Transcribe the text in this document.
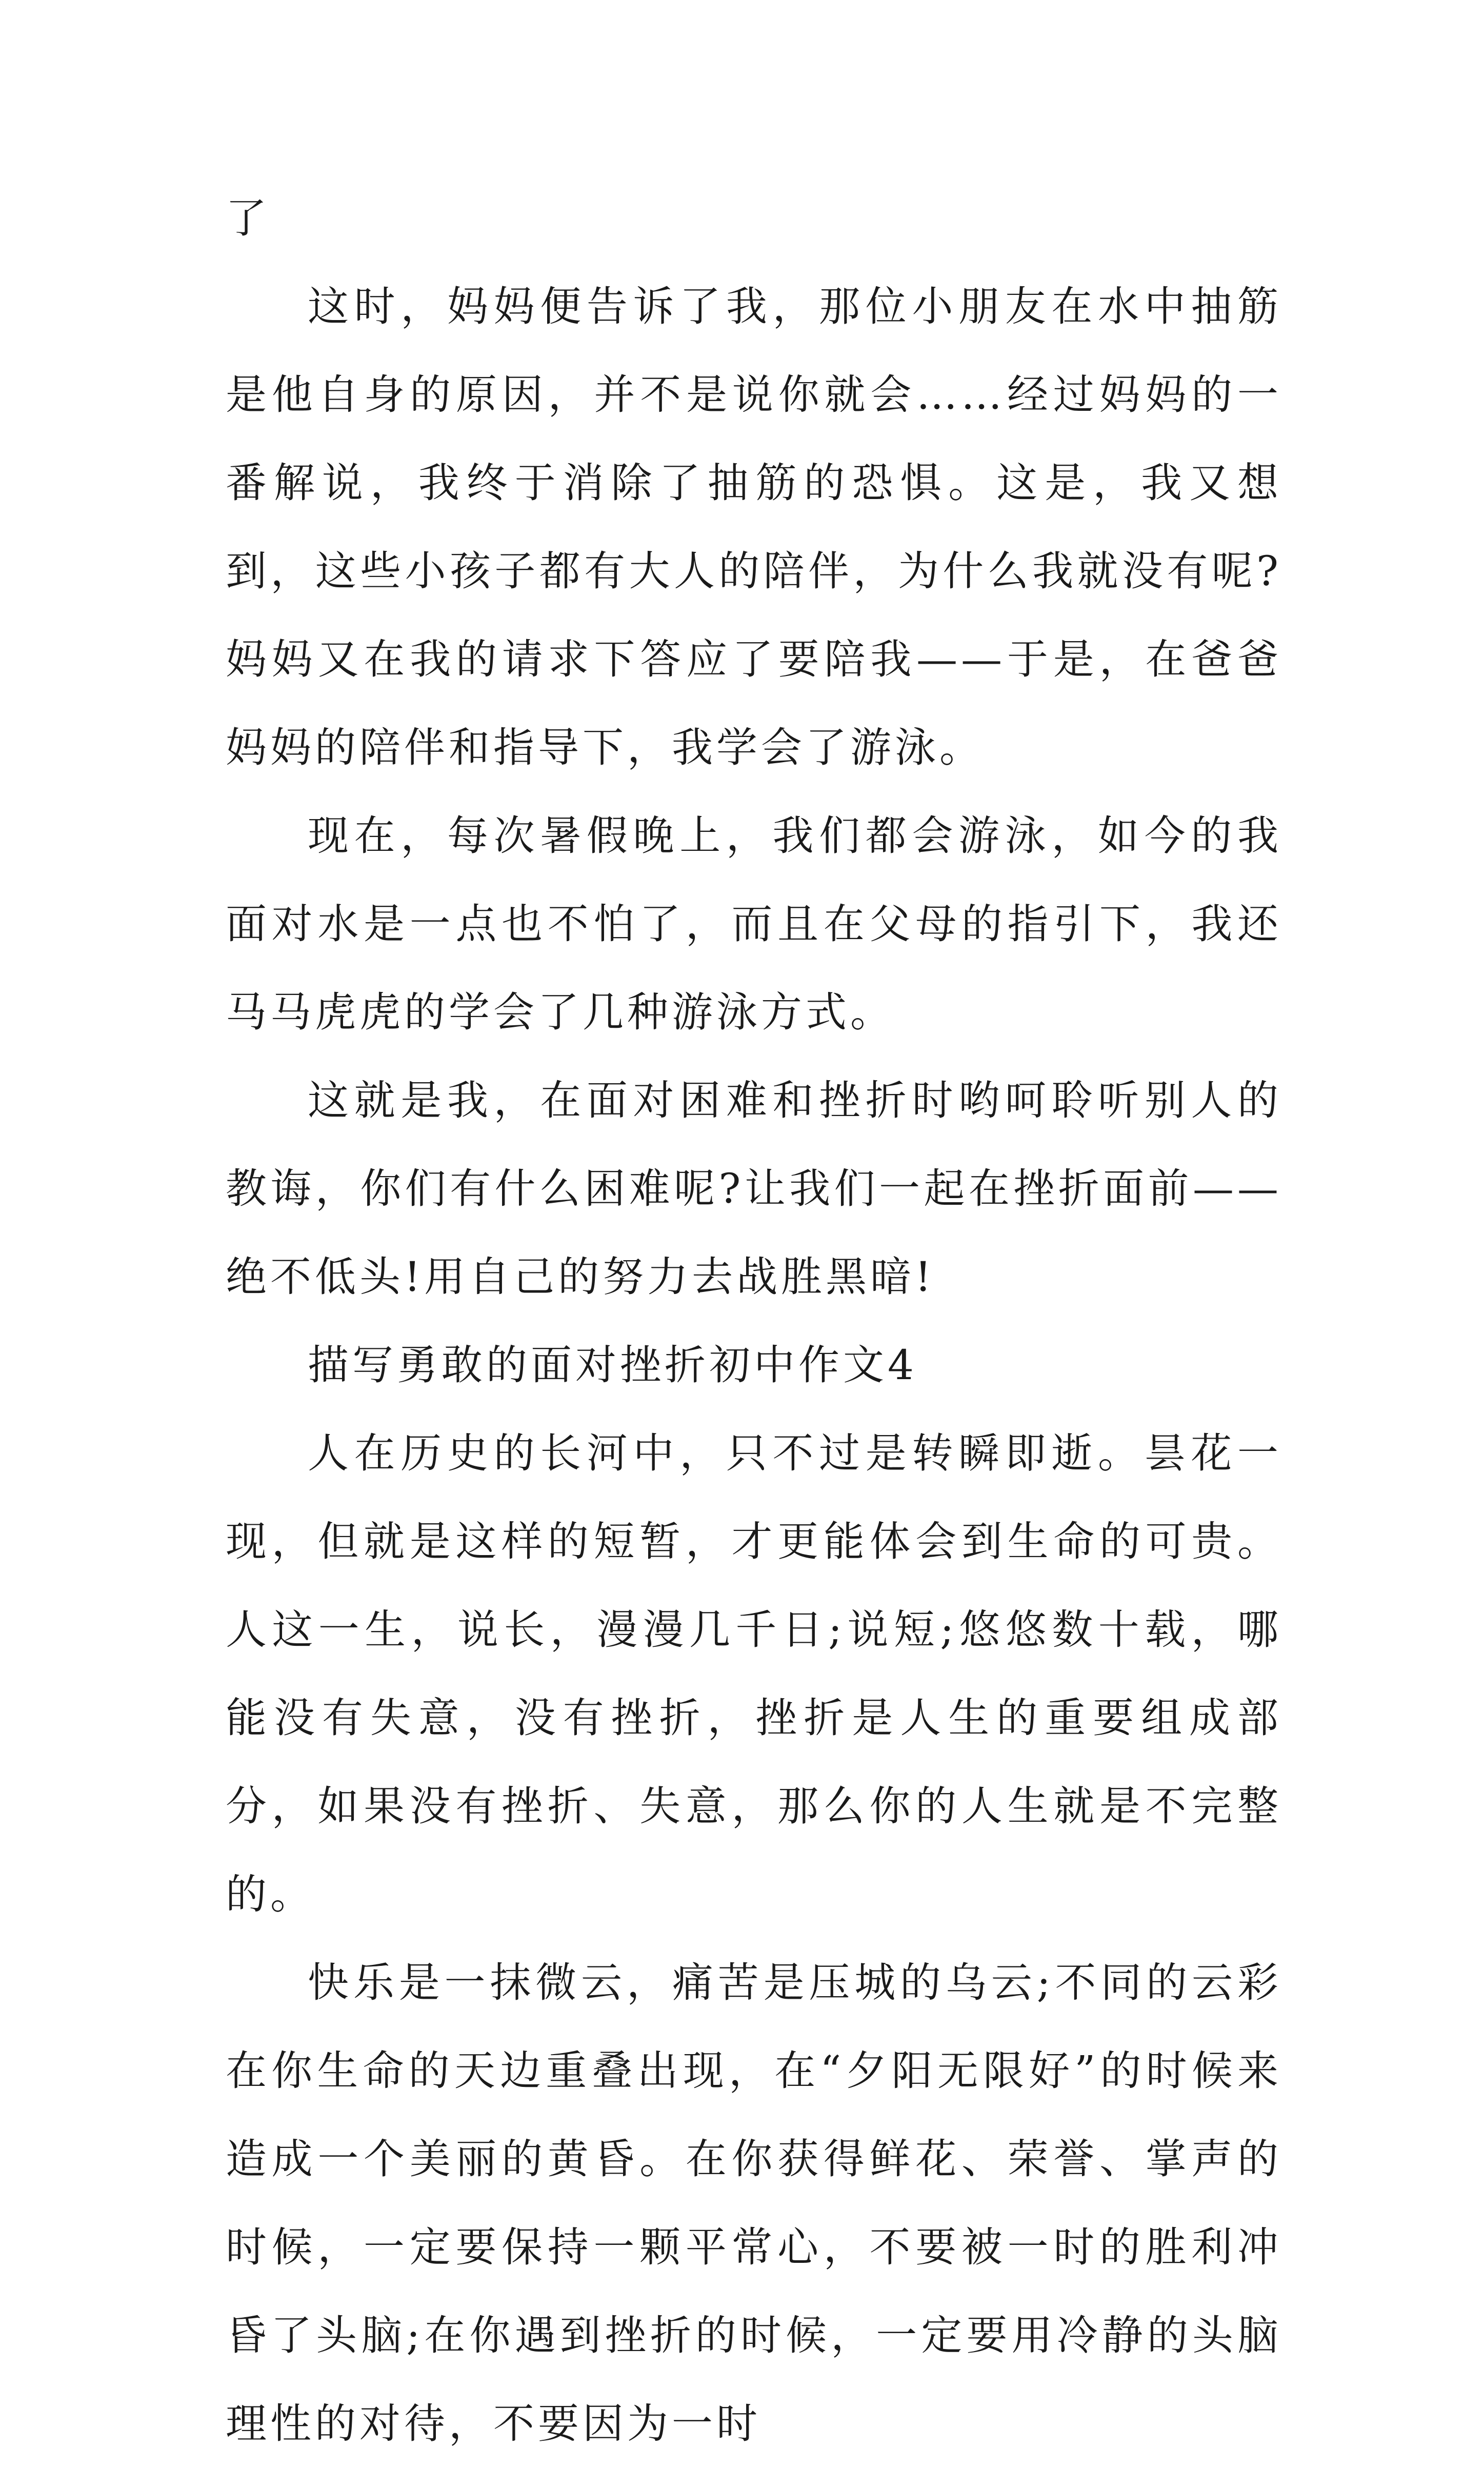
了

这时，妈妈便告诉了我，那位小朋友在水中抽筋是他自身的原因，并不是说你就会……经过妈妈的一番解说，我终于消除了抽筋的恐惧。这是，我又想到，这些小孩子都有大人的陪伴，为什么我就没有呢?妈妈又在我的请求下答应了要陪我——于是，在爸爸妈妈的陪伴和指导下，我学会了游泳。

现在，每次暑假晚上，我们都会游泳，如今的我面对水是一点也不怕了，而且在父母的指引下，我还马马虎虎的学会了几种游泳方式。

这就是我，在面对困难和挫折时哟呵聆听别人的教诲，你们有什么困难呢?让我们一起在挫折面前——绝不低头!用自己的努力去战胜黑暗!

描写勇敢的面对挫折初中作文4

人在历史的长河中，只不过是转瞬即逝。昙花一现，但就是这样的短暂，才更能体会到生命的可贵。人这一生，说长，漫漫几千日;说短;悠悠数十载，哪能没有失意，没有挫折，挫折是人生的重要组成部分，如果没有挫折、失意，那么你的人生就是不完整的。

快乐是一抹微云，痛苦是压城的乌云;不同的云彩在你生命的天边重叠出现，在“夕阳无限好”的时候来造成一个美丽的黄昏。在你获得鲜花、荣誉、掌声的时候，一定要保持一颗平常心，不要被一时的胜利冲昏了头脑;在你遇到挫折的时候，一定要用冷静的头脑理性的对待，不要因为一时
